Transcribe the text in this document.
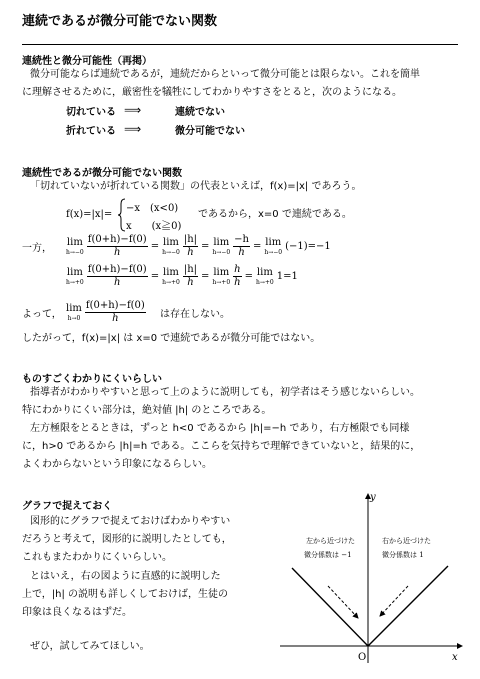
連続であるが微分可能でない関数
連続性と微分可能性（再掲）
微分可能ならば連続であるが，連続だからといって微分可能とは限らない。これを簡単
に理解させるために，厳密性を犠牲にしてわかりやすさをとると，次のようになる。
切れている ⟹	連続でない
折れている ⟹	微分可能でない
連続性であるが微分可能でない関数
「切れていないが折れている関数」の代表といえば，f(x)=|x| であろう。
f(x)=|x|=
−x　(x<0)
x　　(x≧0)
であるから，x=0 で連続である。
一方，
lim
$h\to-0 \frac{f(0+h)-f(0)}{h} = \lim$
$h\to-0 \frac{|h|}{h} = \lim$
$h\to-0 \frac{-h}{h} = \lim$
h→−0
(−1)=−1
lim
$h\to+0 \frac{f(0+h)-f(0)}{h} = \lim$
$h\to+0 \frac{|h|}{h} = \lim$
$h\to+0 \frac{h}{h} = \lim$
h→+0
1=1
よって，
lim
$h\to 0 \frac{f(0+h)-f(0)}{h}$ は存在しない。
したがって，f(x)=|x| は x=0 で連続であるが微分可能ではない。
ものすごくわかりにくいらしい
指導者がわかりやすいと思って上のように説明しても，初学者はそう感じないらしい。
特にわかりにくい部分は，絶対値 |h| のところである。
左方極限をとるときは，ずっと h<0 であるから |h|=−h であり，右方極限でも同様
に，h>0 であるから |h|=h である。ここらを気持ちで理解できていないと，結果的に，
よくわからないという印象になるらしい。
グラフで捉えておく
図形的にグラフで捉えておけばわかりやすい
だろうと考えて，図形的に説明したとしても，
これもまたわかりにくいらしい。
とはいえ，右の図ように直感的に説明した
上で，|h| の説明も詳しくしておけば，生徒の
印象は良くなるはずだ。
ぜひ，試してみてほしい。
y
x
O
左から近づけた
微分係数は −1
右から近づけた
微分係数は 1
